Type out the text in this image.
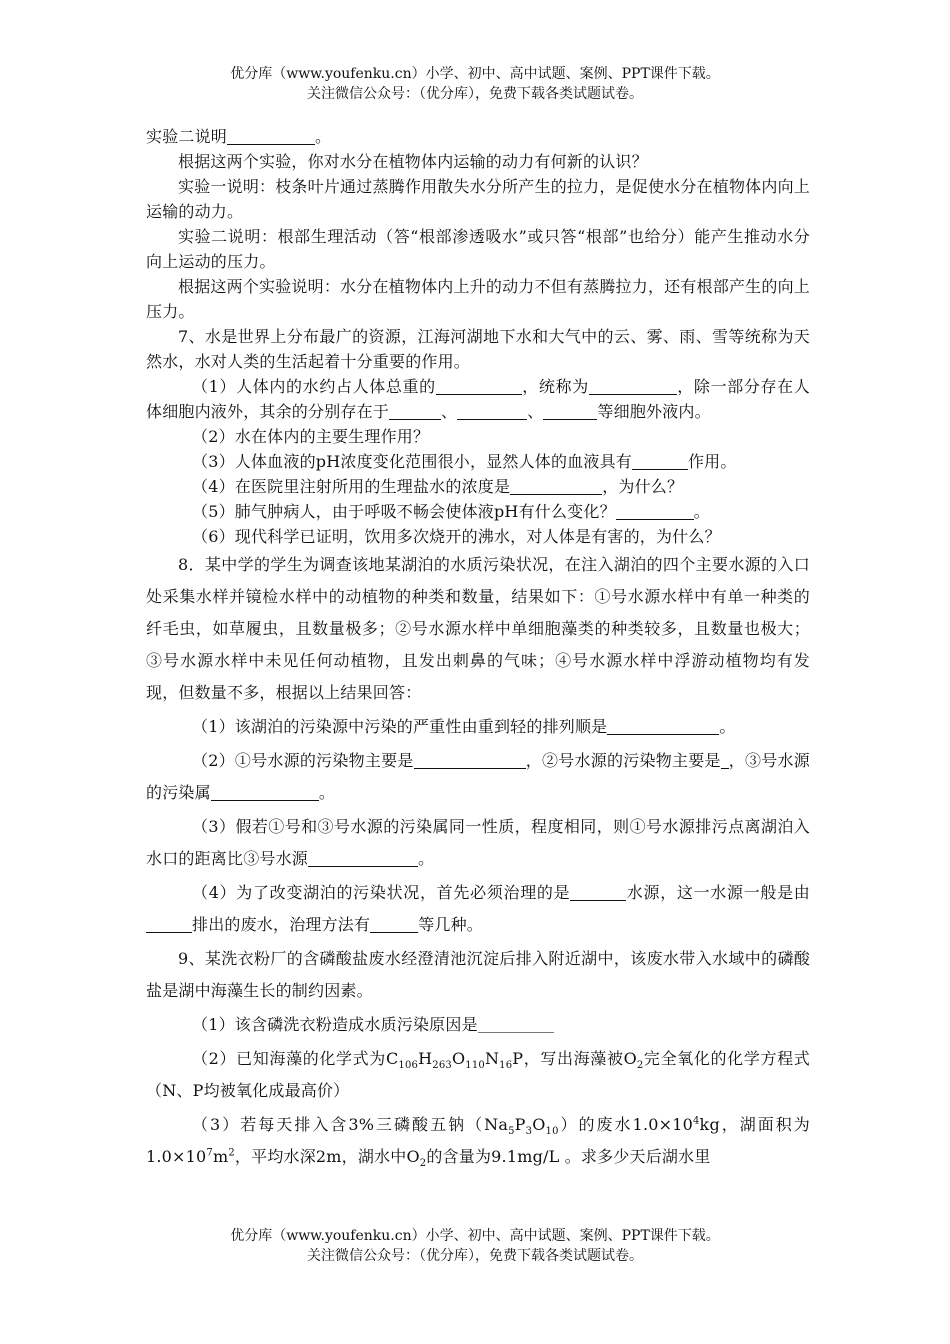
优分库（www.youfenku.cn）小学、初中、高中试题、案例、PPT课件下载。
关注微信公众号：（优分库），免费下载各类试题试卷。

实验二说明	。

根据这两个实验，你对水分在植物体内运输的动力有何新的认识？

实验一说明：枝条叶片通过蒸腾作用散失水分所产生的拉力，是促使水分在植物体内向上运输的动力。

实验二说明：根部生理活动（答“根部渗透吸水”或只答“根部”也给分）能产生推动水分向上运动的压力。

根据这两个实验说明：水分在植物体内上升的动力不但有蒸腾拉力，还有根部产生的向上压力。

7、水是世界上分布最广的资源，江海河湖地下水和大气中的云、雾、雨、雪等统称为天然水，水对人类的生活起着十分重要的作用。

（1）人体内的水约占人体总重的	，统称为	，除一部分存在人体细胞内液外，其余的分别存在于	、	、	等细胞外液内。

（2）水在体内的主要生理作用？

（3）人体血液的pH浓度变化范围很小，显然人体的血液具有	作用。

（4）在医院里注射所用的生理盐水的浓度是	，为什么？

（5）肺气肿病人，由于呼吸不畅会使体液pH有什么变化？	。

（6）现代科学已证明，饮用多次烧开的沸水，对人体是有害的，为什么？

8．某中学的学生为调查该地某湖泊的水质污染状况，在注入湖泊的四个主要水源的入口处采集水样并镜检水样中的动植物的种类和数量，结果如下：①号水源水样中有单一种类的纤毛虫，如草履虫，且数量极多；②号水源水样中单细胞藻类的种类较多，且数量也极大；③号水源水样中未见任何动植物，且发出刺鼻的气味；④号水源水样中浮游动植物均有发现，但数量不多，根据以上结果回答：

（1）该湖泊的污染源中污染的严重性由重到轻的排列顺是	。

（2）①号水源的污染物主要是	，②号水源的污染物主要是 ，③号水源的污染属	。

（3）假若①号和③号水源的污染属同一性质，程度相同，则①号水源排污点离湖泊入水口的距离比③号水源	。

（4）为了改变湖泊的污染状况，首先必须治理的是	水源，这一水源一般是由排出的废水，治理方法有	等几种。

9、某洗衣粉厂的含磷酸盐废水经澄清池沉淀后排入附近湖中，该废水带入水域中的磷酸盐是湖中海藻生长的制约因素。

（1）该含磷洗衣粉造成水质污染原因是

（2）已知海藻的化学式为$C_{106}H_{263}O_{110}N_{16}P$，写出海藻被$O_2$完全氧化的化学方程式（N、P均被氧化成最高价）

（3）若每天排入含3%三磷酸五钠$(Na_5P_3O_{10})$的废水$1.0\times 10^4kg$，湖面积为$1.0\times 10^7m^2$，平均水深2m，湖水中$O_2$的含量为9.1mg/L 。求多少天后湖水里

优分库（www.youfenku.cn）小学、初中、高中试题、案例、PPT课件下载。
关注微信公众号：（优分库），免费下载各类试题试卷。
